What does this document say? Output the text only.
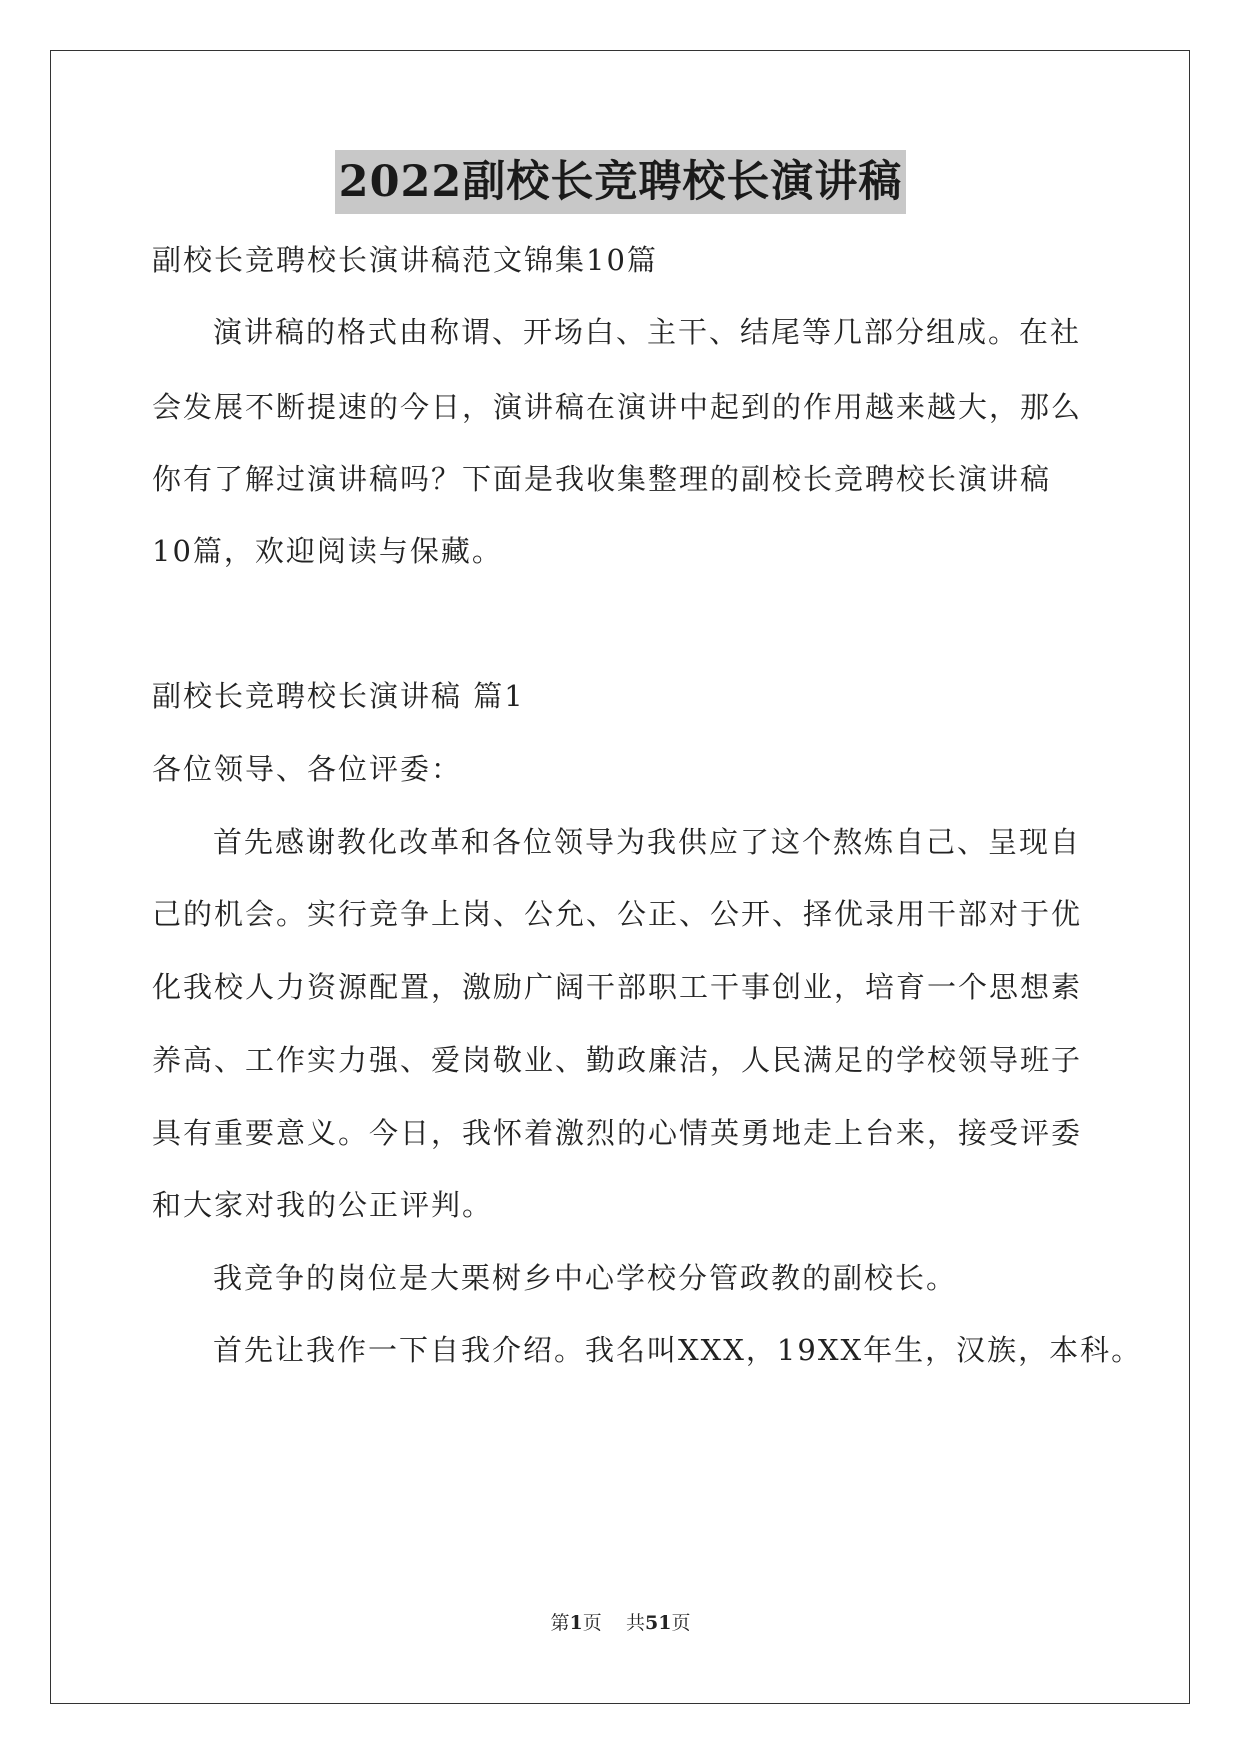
2022副校长竞聘校长演讲稿
副校长竞聘校长演讲稿范文锦集10篇
演讲稿的格式由称谓、开场白、主干、结尾等几部分组成。在社
会发展不断提速的今日，演讲稿在演讲中起到的作用越来越大，那么
你有了解过演讲稿吗？下面是我收集整理的副校长竞聘校长演讲稿
10篇，欢迎阅读与保藏。
副校长竞聘校长演讲稿 篇1
各位领导、各位评委：
首先感谢教化改革和各位领导为我供应了这个熬炼自己、呈现自
己的机会。实行竞争上岗、公允、公正、公开、择优录用干部对于优
化我校人力资源配置，激励广阔干部职工干事创业，培育一个思想素
养高、工作实力强、爱岗敬业、勤政廉洁，人民满足的学校领导班子
具有重要意义。今日，我怀着激烈的心情英勇地走上台来，接受评委
和大家对我的公正评判。
我竞争的岗位是大栗树乡中心学校分管政教的副校长。
首先让我作一下自我介绍。我名叫XXX，19XX年生，汉族，本科。
第1页 共51页
